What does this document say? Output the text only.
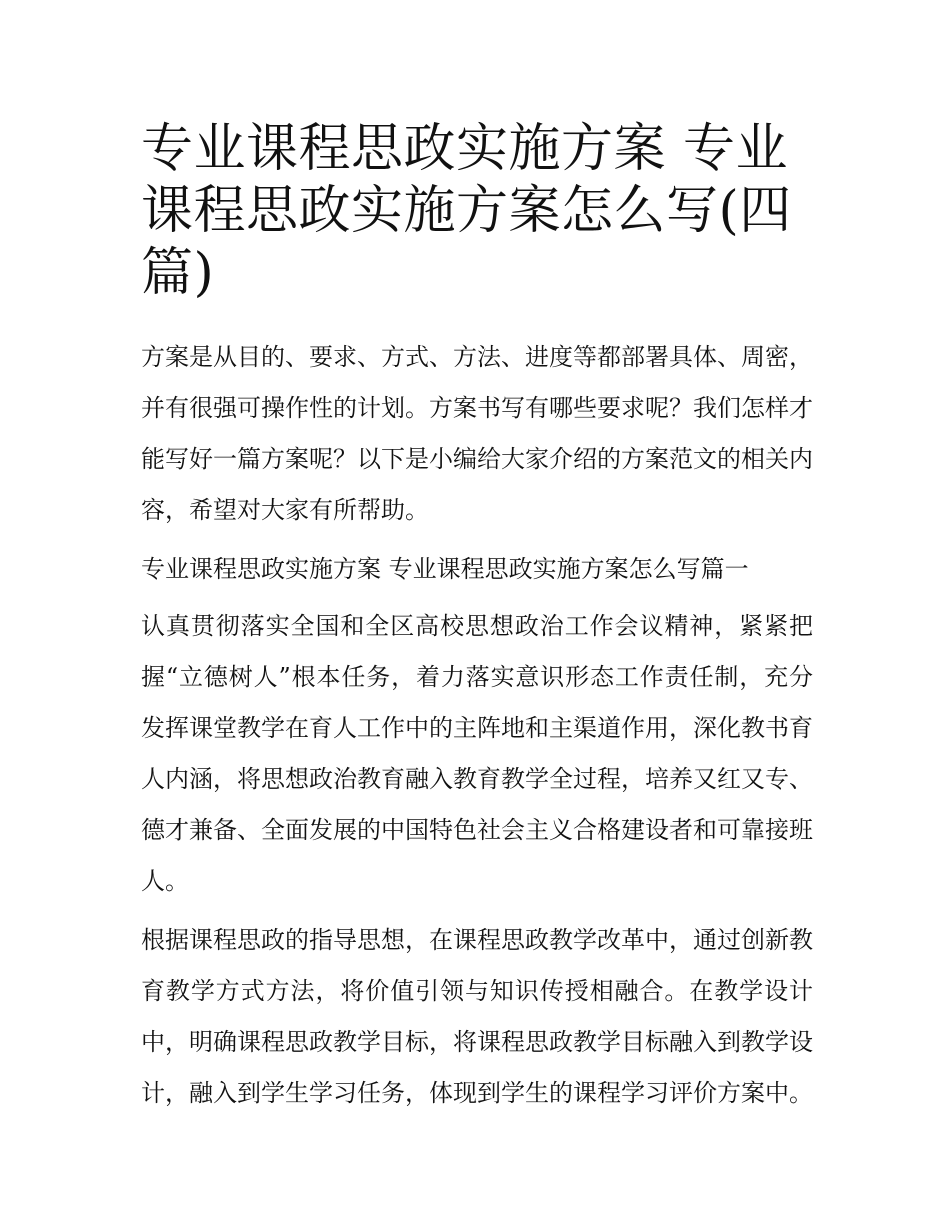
专业课程思政实施方案 专业课程思政实施方案怎么写(四篇)

方案是从目的、要求、方式、方法、进度等都部署具体、周密，并有很强可操作性的计划。方案书写有哪些要求呢？我们怎样才能写好一篇方案呢？以下是小编给大家介绍的方案范文的相关内容，希望对大家有所帮助。

专业课程思政实施方案 专业课程思政实施方案怎么写篇一

认真贯彻落实全国和全区高校思想政治工作会议精神，紧紧把握“立德树人”根本任务，着力落实意识形态工作责任制，充分发挥课堂教学在育人工作中的主阵地和主渠道作用，深化教书育人内涵，将思想政治教育融入教育教学全过程，培养又红又专、德才兼备、全面发展的中国特色社会主义合格建设者和可靠接班人。

根据课程思政的指导思想，在课程思政教学改革中，通过创新教育教学方式方法，将价值引领与知识传授相融合。在教学设计中，明确课程思政教学目标，将课程思政教学目标融入到教学设计，融入到学生学习任务，体现到学生的课程学习评价方案中。
